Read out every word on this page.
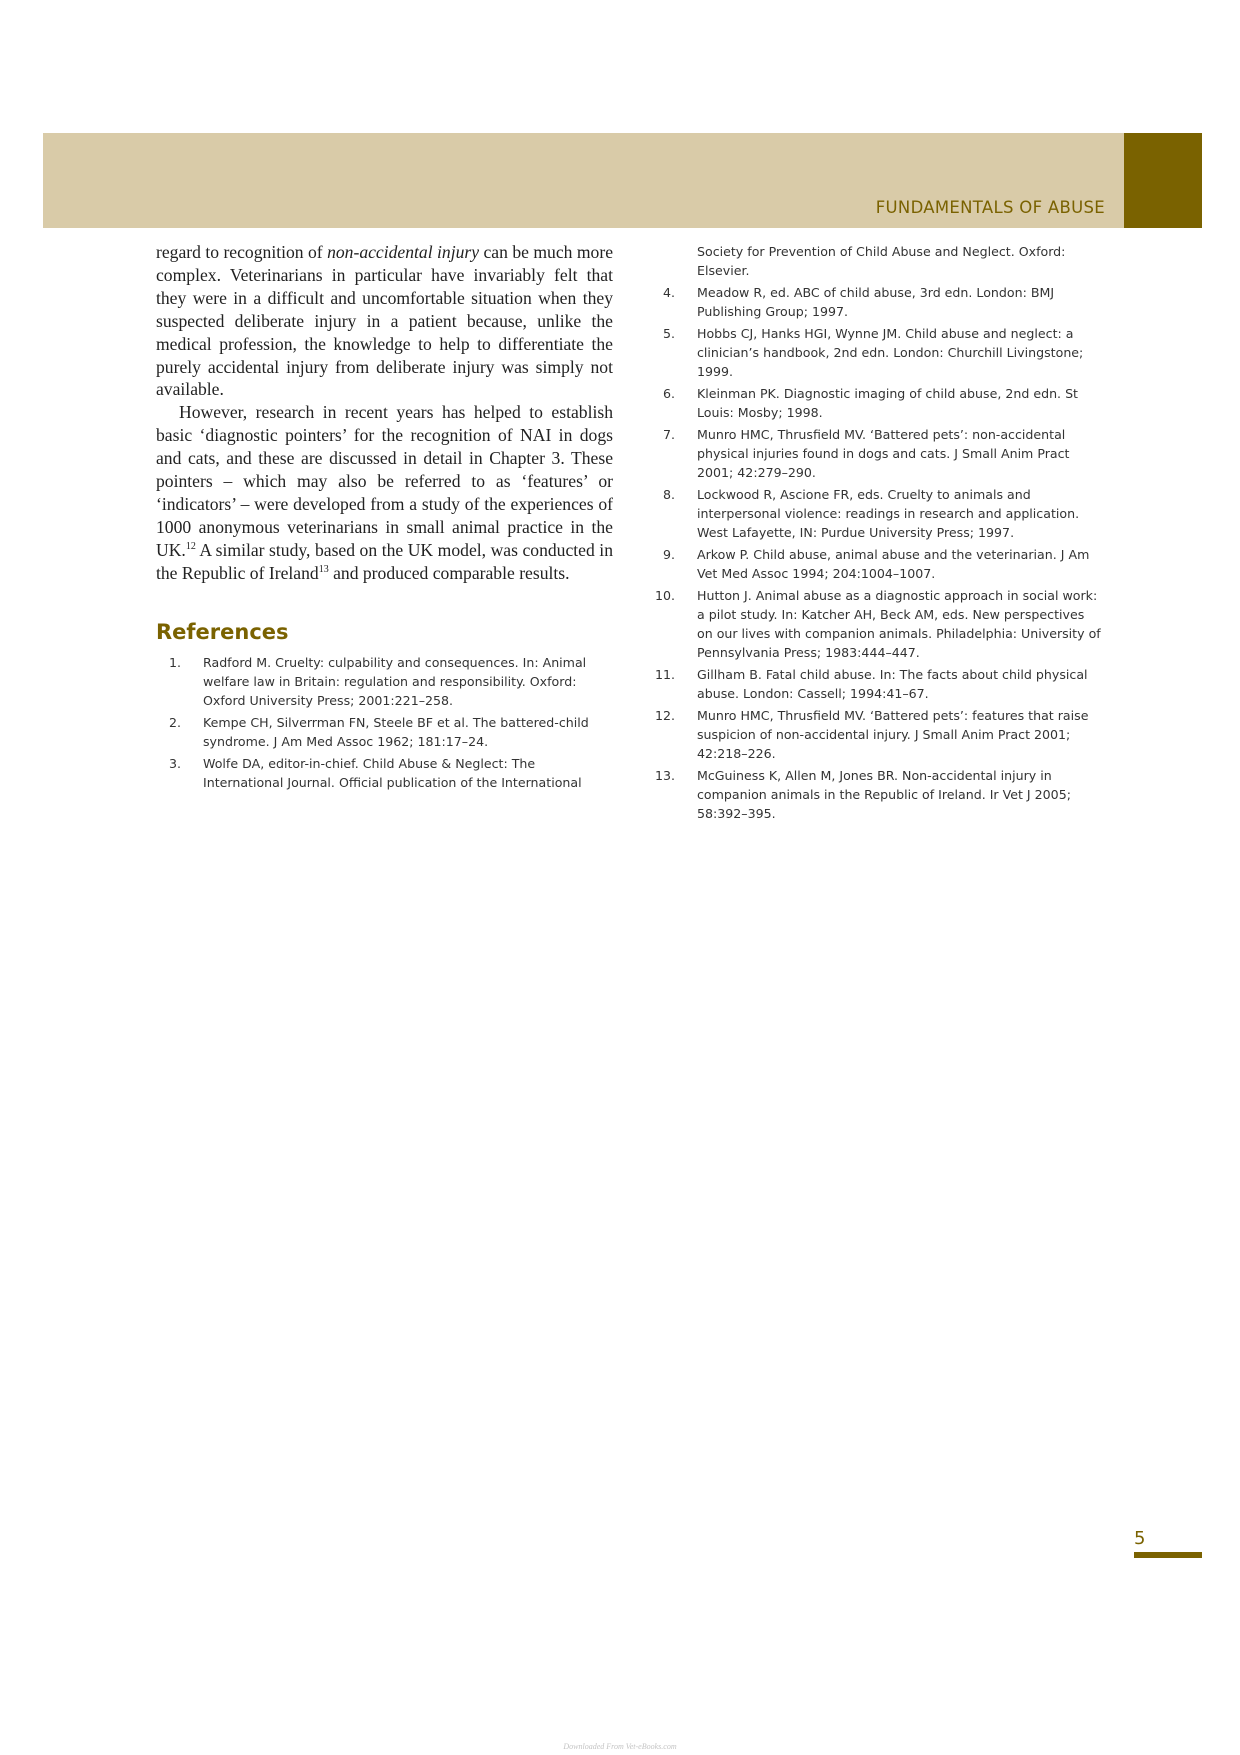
FUNDAMENTALS OF ABUSE

regard to recognition of non-accidental injury can be much more complex. Veterinarians in particular have invariably felt that they were in a difficult and uncomfortable situation when they suspected deliberate injury in a patient because, unlike the medical profession, the knowledge to help to differentiate the purely accidental injury from deliberate injury was simply not available.

However, research in recent years has helped to establish basic ‘diagnostic pointers’ for the recognition of NAI in dogs and cats, and these are discussed in detail in Chapter 3. These pointers – which may also be referred to as ‘features’ or ‘indicators’ – were developed from a study of the experiences of 1000 anonymous veterinarians in small animal practice in the UK.$^{12}$ A similar study, based on the UK model, was conducted in the Republic of Ireland$^{13}$ and produced comparable results.

References
1. Radford M. Cruelty: culpability and consequences. In: Animal welfare law in Britain: regulation and responsibility. Oxford: Oxford University Press; 2001:221–258.
2. Kempe CH, Silverrman FN, Steele BF et al. The battered-child syndrome. J Am Med Assoc 1962; 181:17–24.
3. Wolfe DA, editor-in-chief. Child Abuse & Neglect: The International Journal. Official publication of the International
Society for Prevention of Child Abuse and Neglect. Oxford: Elsevier.
4. Meadow R, ed. ABC of child abuse, 3rd edn. London: BMJ Publishing Group; 1997.
5. Hobbs CJ, Hanks HGI, Wynne JM. Child abuse and neglect: a clinician’s handbook, 2nd edn. London: Churchill Livingstone; 1999.
6. Kleinman PK. Diagnostic imaging of child abuse, 2nd edn. St Louis: Mosby; 1998.
7. Munro HMC, Thrusfield MV. ‘Battered pets’: non-accidental physical injuries found in dogs and cats. J Small Anim Pract 2001; 42:279–290.
8. Lockwood R, Ascione FR, eds. Cruelty to animals and interpersonal violence: readings in research and application. West Lafayette, IN: Purdue University Press; 1997.
9. Arkow P. Child abuse, animal abuse and the veterinarian. J Am Vet Med Assoc 1994; 204:1004–1007.
10. Hutton J. Animal abuse as a diagnostic approach in social work: a pilot study. In: Katcher AH, Beck AM, eds. New perspectives on our lives with companion animals. Philadelphia: University of Pennsylvania Press; 1983:444–447.
11. Gillham B. Fatal child abuse. In: The facts about child physical abuse. London: Cassell; 1994:41–67.
12. Munro HMC, Thrusfield MV. ‘Battered pets’: features that raise suspicion of non-accidental injury. J Small Anim Pract 2001; 42:218–226.
13. McGuiness K, Allen M, Jones BR. Non-accidental injury in companion animals in the Republic of Ireland. Ir Vet J 2005; 58:392–395.
5
Downloaded From Vet-eBooks.com
